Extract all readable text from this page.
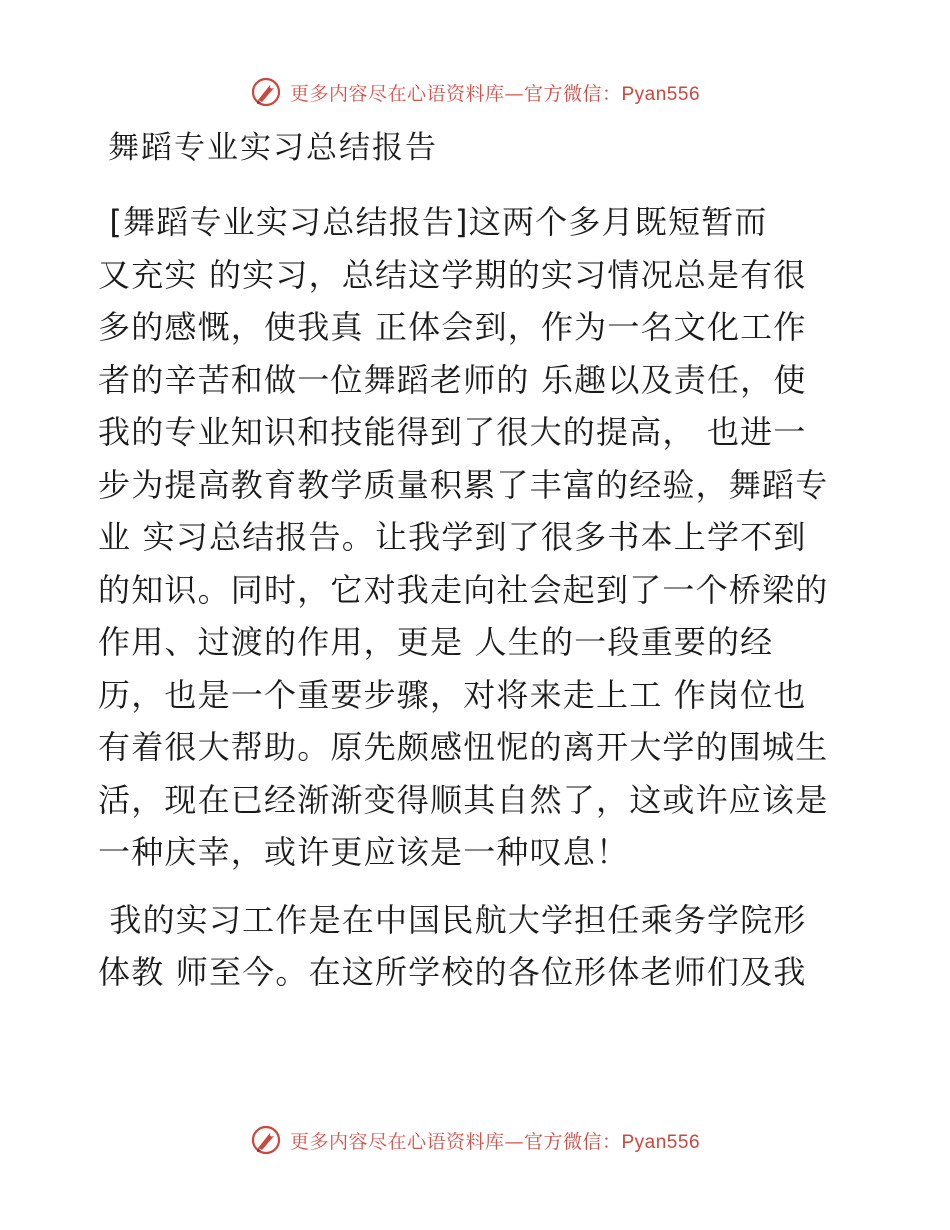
更多内容尽在心语资料库—官方微信：Pyan556
舞蹈专业实习总结报告

[舞蹈专业实习总结报告]这两个多月既短暂而
又充实 的实习，总结这学期的实习情况总是有很
多的感慨，使我真 正体会到，作为一名文化工作
者的辛苦和做一位舞蹈老师的 乐趣以及责任，使
我的专业知识和技能得到了很大的提高， 也进一
步为提高教育教学质量积累了丰富的经验，舞蹈专
业 实习总结报告。让我学到了很多书本上学不到
的知识。同时，它对我走向社会起到了一个桥梁的
作用、过渡的作用，更是 人生的一段重要的经
历，也是一个重要步骤，对将来走上工 作岗位也
有着很大帮助。原先颇感忸怩的离开大学的围城生
活，现在已经渐渐变得顺其自然了，这或许应该是
一种庆幸，或许更应该是一种叹息！

我的实习工作是在中国民航大学担任乘务学院形
体教 师至今。在这所学校的各位形体老师们及我

更多内容尽在心语资料库—官方微信：Pyan556
